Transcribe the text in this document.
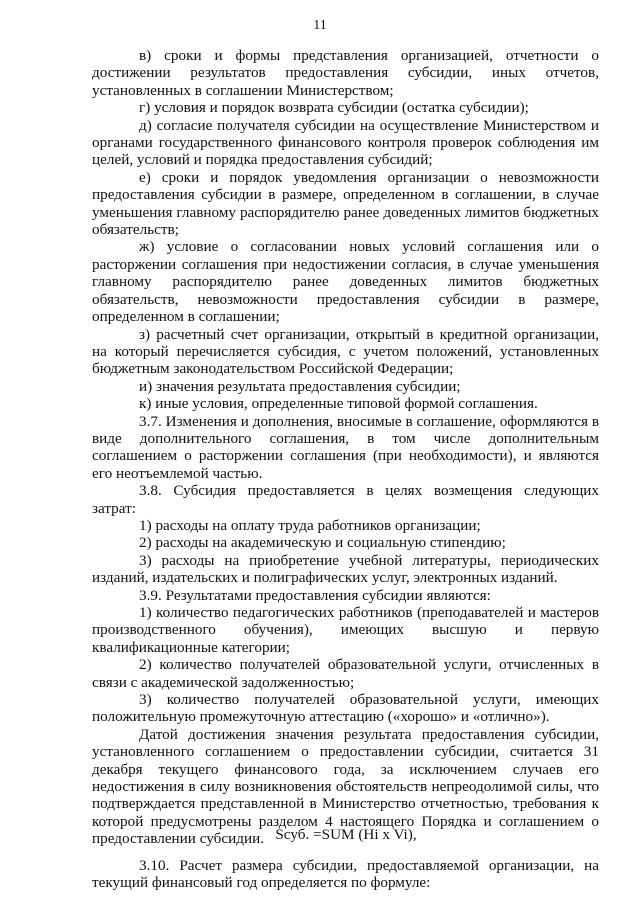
11

в) сроки и формы представления организацией, отчетности о достижении результатов предоставления субсидии, иных отчетов, установленных в соглашении Министерством;

г) условия и порядок возврата субсидии (остатка субсидии);

д) согласие получателя субсидии на осуществление Министерством и органами государственного финансового контроля проверок соблюдения им целей, условий и порядка предоставления субсидий;

е) сроки и порядок уведомления организации о невозможности предоставления субсидии в размере, определенном в соглашении, в случае уменьшения главному распорядителю ранее доведенных лимитов бюджетных обязательств;

ж) условие о согласовании новых условий соглашения или о расторжении соглашения при недостижении согласия, в случае уменьшения главному распорядителю ранее доведенных лимитов бюджетных обязательств, невозможности предоставления субсидии в размере, определенном в соглашении;

з) расчетный счет организации, открытый в кредитной организации, на который перечисляется субсидия, с учетом положений, установленных бюджетным законодательством Российской Федерации;

и) значения результата предоставления субсидии;

к) иные условия, определенные типовой формой соглашения.

3.7. Изменения и дополнения, вносимые в соглашение, оформляются в виде дополнительного соглашения, в том числе дополнительным соглашением о расторжении соглашения (при необходимости), и являются его неотъемлемой частью.

3.8. Субсидия предоставляется в целях возмещения следующих затрат:

1) расходы на оплату труда работников организации;

2) расходы на академическую и социальную стипендию;

3) расходы на приобретение учебной литературы, периодических изданий, издательских и полиграфических услуг, электронных изданий.

3.9. Результатами предоставления субсидии являются:

1) количество педагогических работников (преподавателей и мастеров производственного обучения), имеющих высшую и первую квалификационные категории;

2) количество получателей образовательной услуги, отчисленных в связи с академической задолженностью;

3) количество получателей образовательной услуги, имеющих положительную промежуточную аттестацию («хорошо» и «отлично»).

Датой достижения значения результата предоставления субсидии, установленного соглашением о предоставлении субсидии, считается 31 декабря текущего финансового года, за исключением случаев его недостижения в силу возникновения обстоятельств непреодолимой силы, что подтверждается представленной в Министерство отчетностью, требования к которой предусмотрены разделом 4 настоящего Порядка и соглашением о предоставлении субсидии.

3.10. Расчет размера субсидии, предоставляемой организации, на текущий финансовый год определяется по формуле:

Sсуб. =SUM (Hi x Vi),
